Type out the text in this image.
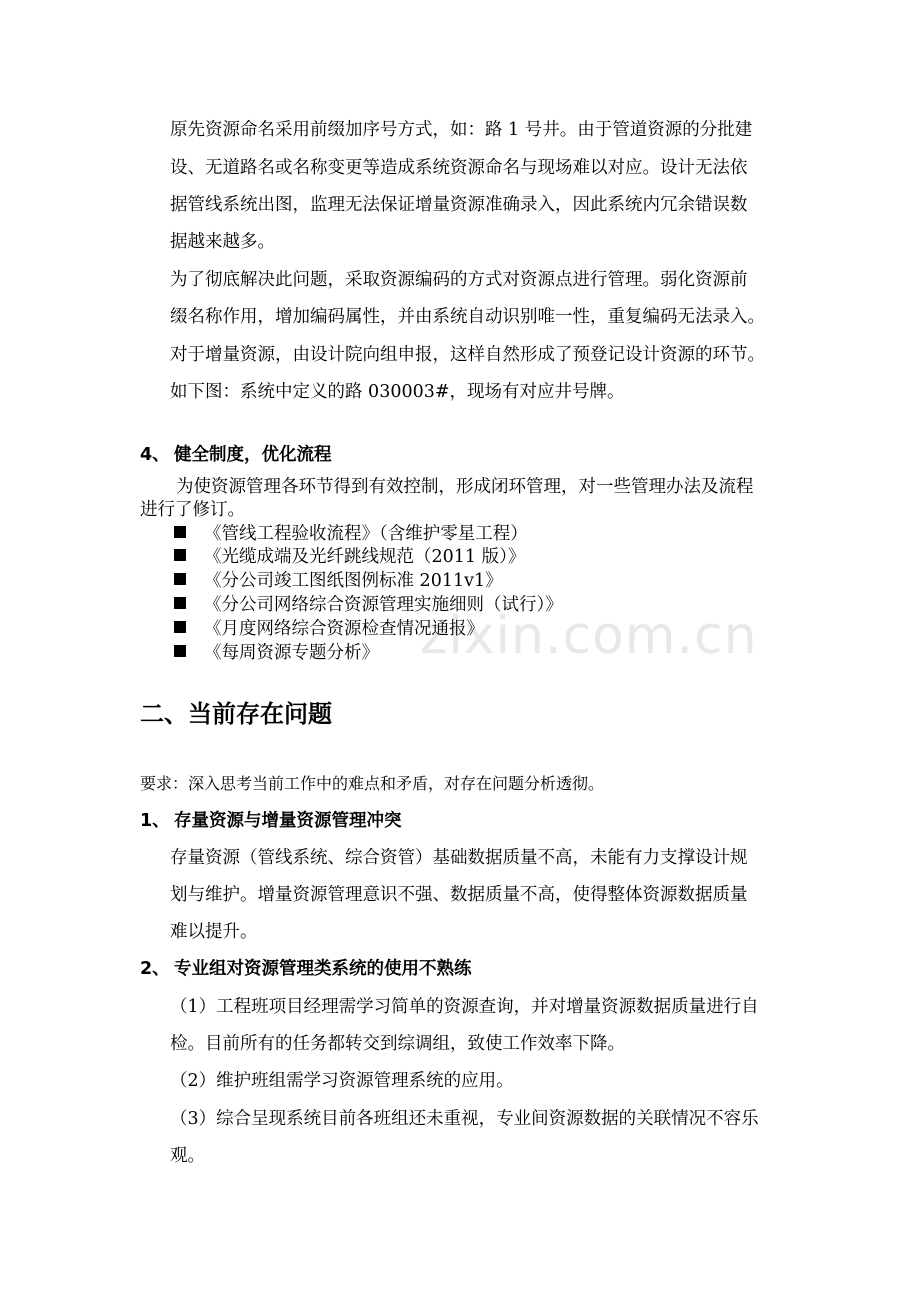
zixin.com.cn
原先资源命名采用前缀加序号方式，如：路 1 号井。由于管道资源的分批建
设、无道路名或名称变更等造成系统资源命名与现场难以对应。设计无法依
据管线系统出图，监理无法保证增量资源准确录入，因此系统内冗余错误数
据越来越多。
为了彻底解决此问题，采取资源编码的方式对资源点进行管理。弱化资源前
缀名称作用，增加编码属性，并由系统自动识别唯一性，重复编码无法录入。
对于增量资源，由设计院向组申报，这样自然形成了预登记设计资源的环节。
如下图：系统中定义的路 030003#，现场有对应井号牌。
4、 健全制度，优化流程
为使资源管理各环节得到有效控制，形成闭环管理，对一些管理办法及流程
进行了修订。
《管线工程验收流程》（含维护零星工程）
《光缆成端及光纤跳线规范（2011 版）》
《分公司竣工图纸图例标准 2011v1》
《分公司网络综合资源管理实施细则（试行）》
《月度网络综合资源检查情况通报》
《每周资源专题分析》
二、当前存在问题
要求：深入思考当前工作中的难点和矛盾，对存在问题分析透彻。
1、 存量资源与增量资源管理冲突
存量资源（管线系统、综合资管）基础数据质量不高，未能有力支撑设计规
划与维护。增量资源管理意识不强、数据质量不高，使得整体资源数据质量
难以提升。
2、 专业组对资源管理类系统的使用不熟练
（1）工程班项目经理需学习简单的资源查询，并对增量资源数据质量进行自
检。目前所有的任务都转交到综调组，致使工作效率下降。
（2）维护班组需学习资源管理系统的应用。
（3）综合呈现系统目前各班组还未重视，专业间资源数据的关联情况不容乐
观。
